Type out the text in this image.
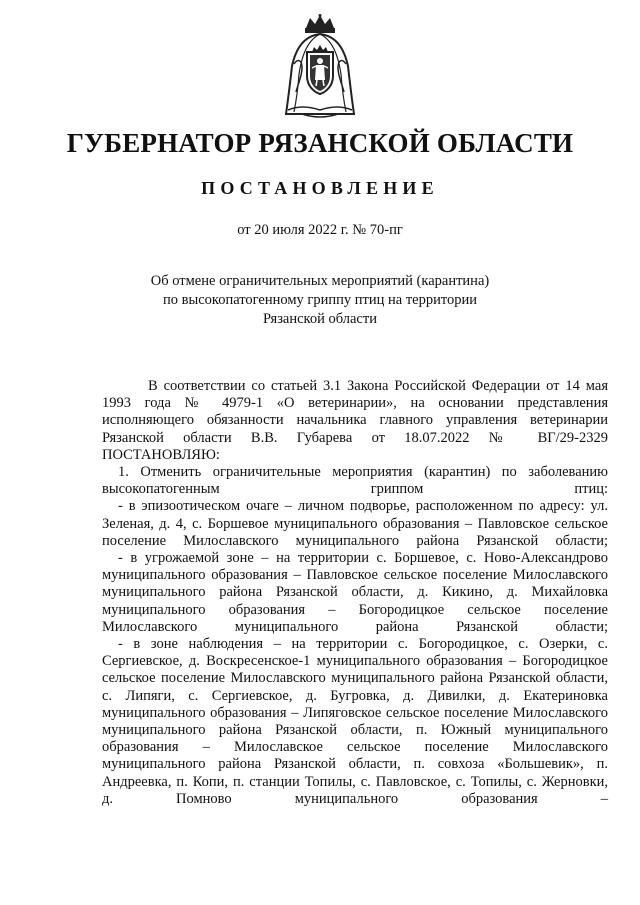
ГУБЕРНАТОР РЯЗАНСКОЙ ОБЛАСТИ
ПОСТАНОВЛЕНИЕ
от 20 июля 2022 г. № 70-пг
Об отмене ограничительных мероприятий (карантина)
по высокопатогенному гриппу птиц на территории
Рязанской области

В соответствии со статьей 3.1 Закона Российской Федерации от 14 мая 1993 года № 4979-1 «О ветеринарии», на основании представления исполняющего обязанности начальника главного управления ветеринарии Рязанской области В.В. Губарева от 18.07.2022 № ВГ/29-2329

ПОСТАНОВЛЯЮ:

1. Отменить ограничительные мероприятия (карантин) по заболеванию высокопатогенным гриппом птиц:

- в эпизоотическом очаге – личном подворье, расположенном по адресу: ул. Зеленая, д. 4, с. Боршевое муниципального образования – Павловское сельское поселение Милославского муниципального района Рязанской области;

- в угрожаемой зоне – на территории с. Боршевое, с. Ново-Александрово муниципального образования – Павловское сельское поселение Милославского муниципального района Рязанской области, д. Кикино, д. Михайловка муниципального образования – Богородицкое сельское поселение Милославского муниципального района Рязанской области;

- в зоне наблюдения – на территории с. Богородицкое, с. Озерки, с. Сергиевское, д. Воскресенское-1 муниципального образования – Богородицкое сельское поселение Милославского муниципального района Рязанской области, с. Липяги, с. Сергиевское, д. Бугровка, д. Дивилки, д. Екатериновка муниципального образования – Липяговское сельское поселение Милославского муниципального района Рязанской области, п. Южный муниципального образования – Милославское сельское поселение Милославского муниципального района Рязанской области, п. совхоза «Большевик», п. Андреевка, п. Копи, п. станции Топилы, с. Павловское, с. Топилы, с. Жерновки, д. Помново муниципального образования –
